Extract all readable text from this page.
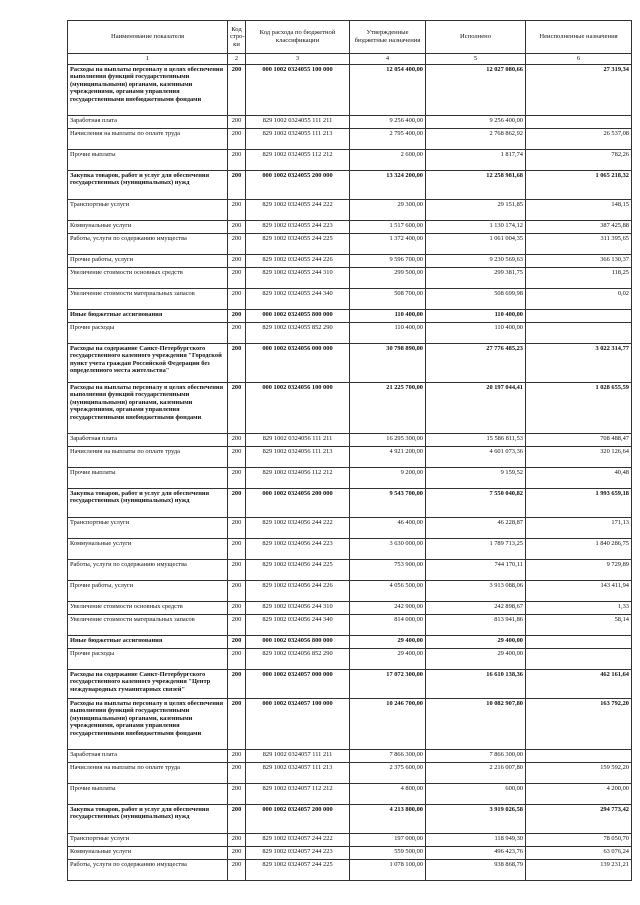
Наименование показателя	Код стро-ки	Код расхода по бюджетной классификации	Утвержденные бюджетные назначения	Исполнено	Неисполненные назначения
1	2	3	4	5	6
Расходы на выплаты персоналу в целях обеспечения выполнения функций государственными (муниципальными) органами, казенными учреждениями, органами управления государственными внебюджетными фондами	200	000 1002 0324055 100 000	12 054 400,00	12 027 080,66	27 319,34
Заработная плата	200	829 1002 0324055 111 211	9 256 400,00	9 256 400,00	
Начисления на выплаты по оплате труда	200	829 1002 0324055 111 213	2 795 400,00	2 768 862,92	26 537,08
Прочие выплаты	200	829 1002 0324055 112 212	2 600,00	1 817,74	782,26
Закупка товаров, работ и услуг для обеспечения государственных (муниципальных) нужд	200	000 1002 0324055 200 000	13 324 200,00	12 258 981,68	1 065 218,32
Транспортные услуги	200	829 1002 0324055 244 222	29 300,00	29 151,85	148,15
Коммунальные услуги	200	829 1002 0324055 244 223	1 517 600,00	1 130 174,12	387 425,88
Работы, услуги по содержанию имущества	200	829 1002 0324055 244 225	1 372 400,00	1 061 004,35	311 395,65
Прочие работы, услуги	200	829 1002 0324055 244 226	9 596 700,00	9 230 569,63	366 130,37
Увеличение стоимости основных средств	200	829 1002 0324055 244 310	299 500,00	299 381,75	118,25
Увеличение стоимости материальных запасов	200	829 1002 0324055 244 340	508 700,00	508 699,98	0,02
Иные бюджетные ассигнования	200	000 1002 0324055 800 000	110 400,00	110 400,00	
Прочие расходы	200	829 1002 0324055 852 290	110 400,00	110 400,00	
Расходы на содержание Санкт-Петербургского государственного казенного учреждения "Городской пункт учета граждан Российской Федерации без определенного места жительства"	200	000 1002 0324056 000 000	30 798 890,00	27 776 485,23	3 022 314,77
Расходы на выплаты персоналу в целях обеспечения выполнения функций государственными (муниципальными) органами, казенными учреждениями, органами управления государственными внебюджетными фондами	200	000 1002 0324056 100 000	21 225 700,00	20 197 044,41	1 028 655,59
Заработная плата	200	829 1002 0324056 111 211	16 295 300,00	15 586 811,53	708 488,47
Начисления на выплаты по оплате труда	200	829 1002 0324056 111 213	4 921 200,00	4 601 073,36	320 126,64
Прочие выплаты	200	829 1002 0324056 112 212	9 200,00	9 159,52	40,48
Закупка товаров, работ и услуг для обеспечения государственных (муниципальных) нужд	200	000 1002 0324056 200 000	9 543 700,00	7 550 040,82	1 993 659,18
Транспортные услуги	200	829 1002 0324056 244 222	46 400,00	46 228,87	171,13
Коммунальные услуги	200	829 1002 0324056 244 223	3 630 000,00	1 789 713,25	1 840 286,75
Работы, услуги по содержанию имущества	200	829 1002 0324056 244 225	753 900,00	744 170,11	9 729,89
Прочие работы, услуги	200	829 1002 0324056 244 226	4 056 500,00	3 913 088,06	143 411,94
Увеличение стоимости основных средств	200	829 1002 0324056 244 310	242 900,00	242 898,67	1,33
Увеличение стоимости материальных запасов	200	829 1002 0324056 244 340	814 000,00	813 941,86	58,14
Иные бюджетные ассигнования	200	000 1002 0324056 800 000	29 400,00	29 400,00	
Прочие расходы	200	829 1002 0324056 852 290	29 400,00	29 400,00	
Расходы на содержание Санкт-Петербургского государственного казенного учреждения "Центр международных гуманитарных связей"	200	000 1002 0324057 000 000	17 072 300,00	16 610 138,36	462 161,64
Расходы на выплаты персоналу в целях обеспечения выполнения функций государственными (муниципальными) органами, казенными учреждениями, органами управления государственными внебюджетными фондами	200	000 1002 0324057 100 000	10 246 700,00	10 082 907,80	163 792,20
Заработная плата	200	829 1002 0324057 111 211	7 866 300,00	7 866 300,00	
Начисления на выплаты по оплате труда	200	829 1002 0324057 111 213	2 375 600,00	2 216 007,80	159 592,20
Прочие выплаты	200	829 1002 0324057 112 212	4 800,00	600,00	4 200,00
Закупка товаров, работ и услуг для обеспечения государственных (муниципальных) нужд	200	000 1002 0324057 200 000	4 213 800,00	3 919 026,58	294 773,42
Транспортные услуги	200	829 1002 0324057 244 222	197 000,00	118 949,30	78 050,70
Коммунальные услуги	200	829 1002 0324057 244 223	559 500,00	496 423,76	63 076,24
Работы, услуги по содержанию имущества	200	829 1002 0324057 244 225	1 078 100,00	938 868,79	139 231,21
